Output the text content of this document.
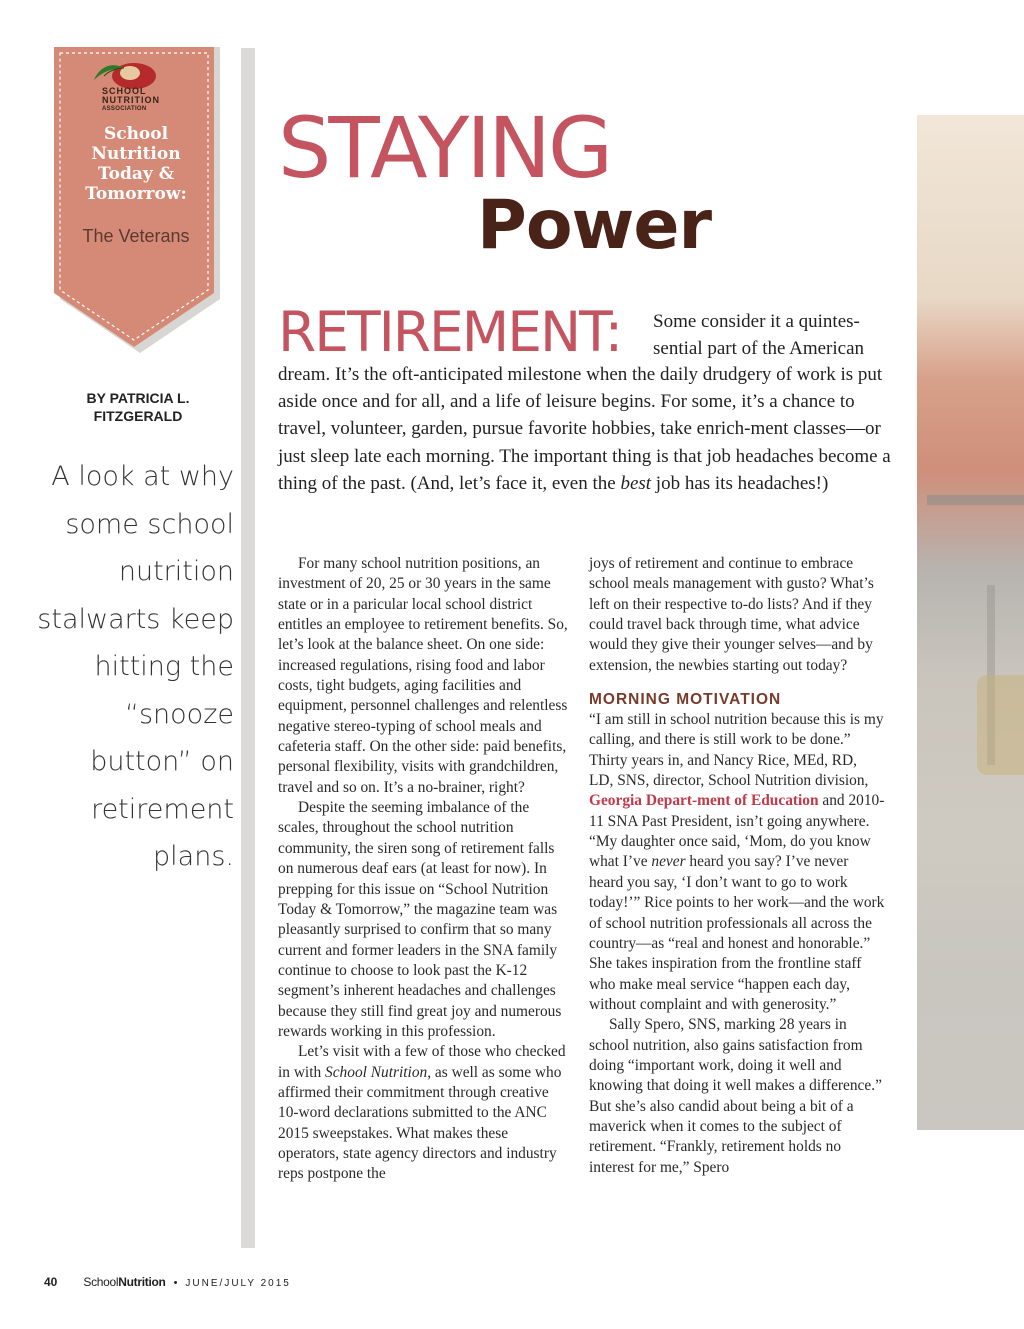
SCHOOL
NUTRITION
ASSOCIATION
School Nutrition Today & Tomorrow:
The Veterans
BY PATRICIA L. FITZGERALD
A look at why some school nutrition stalwarts keep hitting the “snooze button” on retirement plans.
STAYING
Power
RETIREMENT: Some consider it a quintes-sential part of the American
dream. It’s the oft-anticipated milestone when the daily drudgery of work is put aside once and for all, and a life of leisure begins. For some, it’s a chance to travel, volunteer, garden, pursue favorite hobbies, take enrich-ment classes—or just sleep late each morning. The important thing is that job headaches become a thing of the past. (And, let’s face it, even the best job has its headaches!)

For many school nutrition positions, an investment of 20, 25 or 30 years in the same state or in a paricular local school district entitles an employee to retirement benefits. So, let’s look at the balance sheet. On one side: increased regulations, rising food and labor costs, tight budgets, aging facilities and equipment, personnel challenges and relentless negative stereo-typing of school meals and cafeteria staff. On the other side: paid benefits, personal flexibility, visits with grandchildren, travel and so on. It’s a no-brainer, right?

Despite the seeming imbalance of the scales, throughout the school nutrition community, the siren song of retirement falls on numerous deaf ears (at least for now). In prepping for this issue on “School Nutrition Today & Tomorrow,” the magazine team was pleasantly surprised to confirm that so many current and former leaders in the SNA family continue to choose to look past the K-12 segment’s inherent headaches and challenges because they still find great joy and numerous rewards working in this profession.

Let’s visit with a few of those who checked in with School Nutrition, as well as some who affirmed their commitment through creative 10-word declarations submitted to the ANC 2015 sweepstakes. What makes these operators, state agency directors and industry reps postpone the

joys of retirement and continue to embrace school meals management with gusto? What’s left on their respective to-do lists? And if they could travel back through time, what advice would they give their younger selves—and by extension, the newbies starting out today?

MORNING MOTIVATION

“I am still in school nutrition because this is my calling, and there is still work to be done.” Thirty years in, and Nancy Rice, MEd, RD, LD, SNS, director, School Nutrition division, Georgia Depart-ment of Education and 2010-11 SNA Past President, isn’t going anywhere. “My daughter once said, ‘Mom, do you know what I’ve never heard you say? I’ve never heard you say, ‘I don’t want to go to work today!’” Rice points to her work—and the work of school nutrition professionals all across the country—as “real and honest and honorable.” She takes inspiration from the frontline staff who make meal service “happen each day, without complaint and with generosity.”

Sally Spero, SNS, marking 28 years in school nutrition, also gains satisfaction from doing “important work, doing it well and knowing that doing it well makes a difference.” But she’s also candid about being a bit of a maverick when it comes to the subject of retirement. “Frankly, retirement holds no interest for me,” Spero

40 SchoolNutrition • JUNE/JULY 2015
